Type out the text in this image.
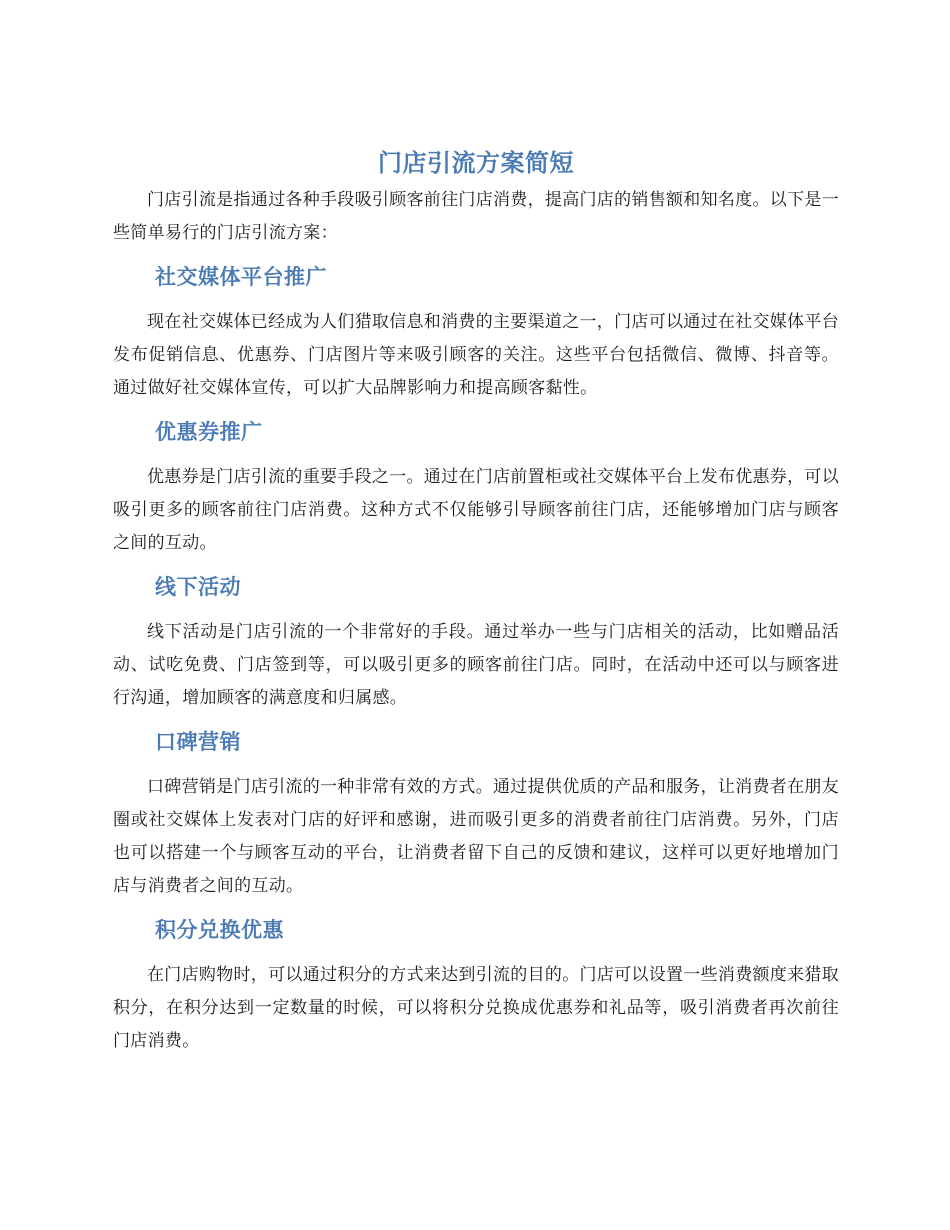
门店引流方案简短

门店引流是指通过各种手段吸引顾客前往门店消费，提高门店的销售额和知名度。以下是一些简单易行的门店引流方案：

社交媒体平台推广

现在社交媒体已经成为人们猎取信息和消费的主要渠道之一，门店可以通过在社交媒体平台发布促销信息、优惠券、门店图片等来吸引顾客的关注。这些平台包括微信、微博、抖音等。通过做好社交媒体宣传，可以扩大品牌影响力和提高顾客黏性。

优惠券推广

优惠券是门店引流的重要手段之一。通过在门店前置柜或社交媒体平台上发布优惠券，可以吸引更多的顾客前往门店消费。这种方式不仅能够引导顾客前往门店，还能够增加门店与顾客之间的互动。

线下活动

线下活动是门店引流的一个非常好的手段。通过举办一些与门店相关的活动，比如赠品活动、试吃免费、门店签到等，可以吸引更多的顾客前往门店。同时，在活动中还可以与顾客进行沟通，增加顾客的满意度和归属感。

口碑营销

口碑营销是门店引流的一种非常有效的方式。通过提供优质的产品和服务，让消费者在朋友圈或社交媒体上发表对门店的好评和感谢，进而吸引更多的消费者前往门店消费。另外，门店也可以搭建一个与顾客互动的平台，让消费者留下自己的反馈和建议，这样可以更好地增加门店与消费者之间的互动。

积分兑换优惠

在门店购物时，可以通过积分的方式来达到引流的目的。门店可以设置一些消费额度来猎取积分，在积分达到一定数量的时候，可以将积分兑换成优惠券和礼品等，吸引消费者再次前往门店消费。
